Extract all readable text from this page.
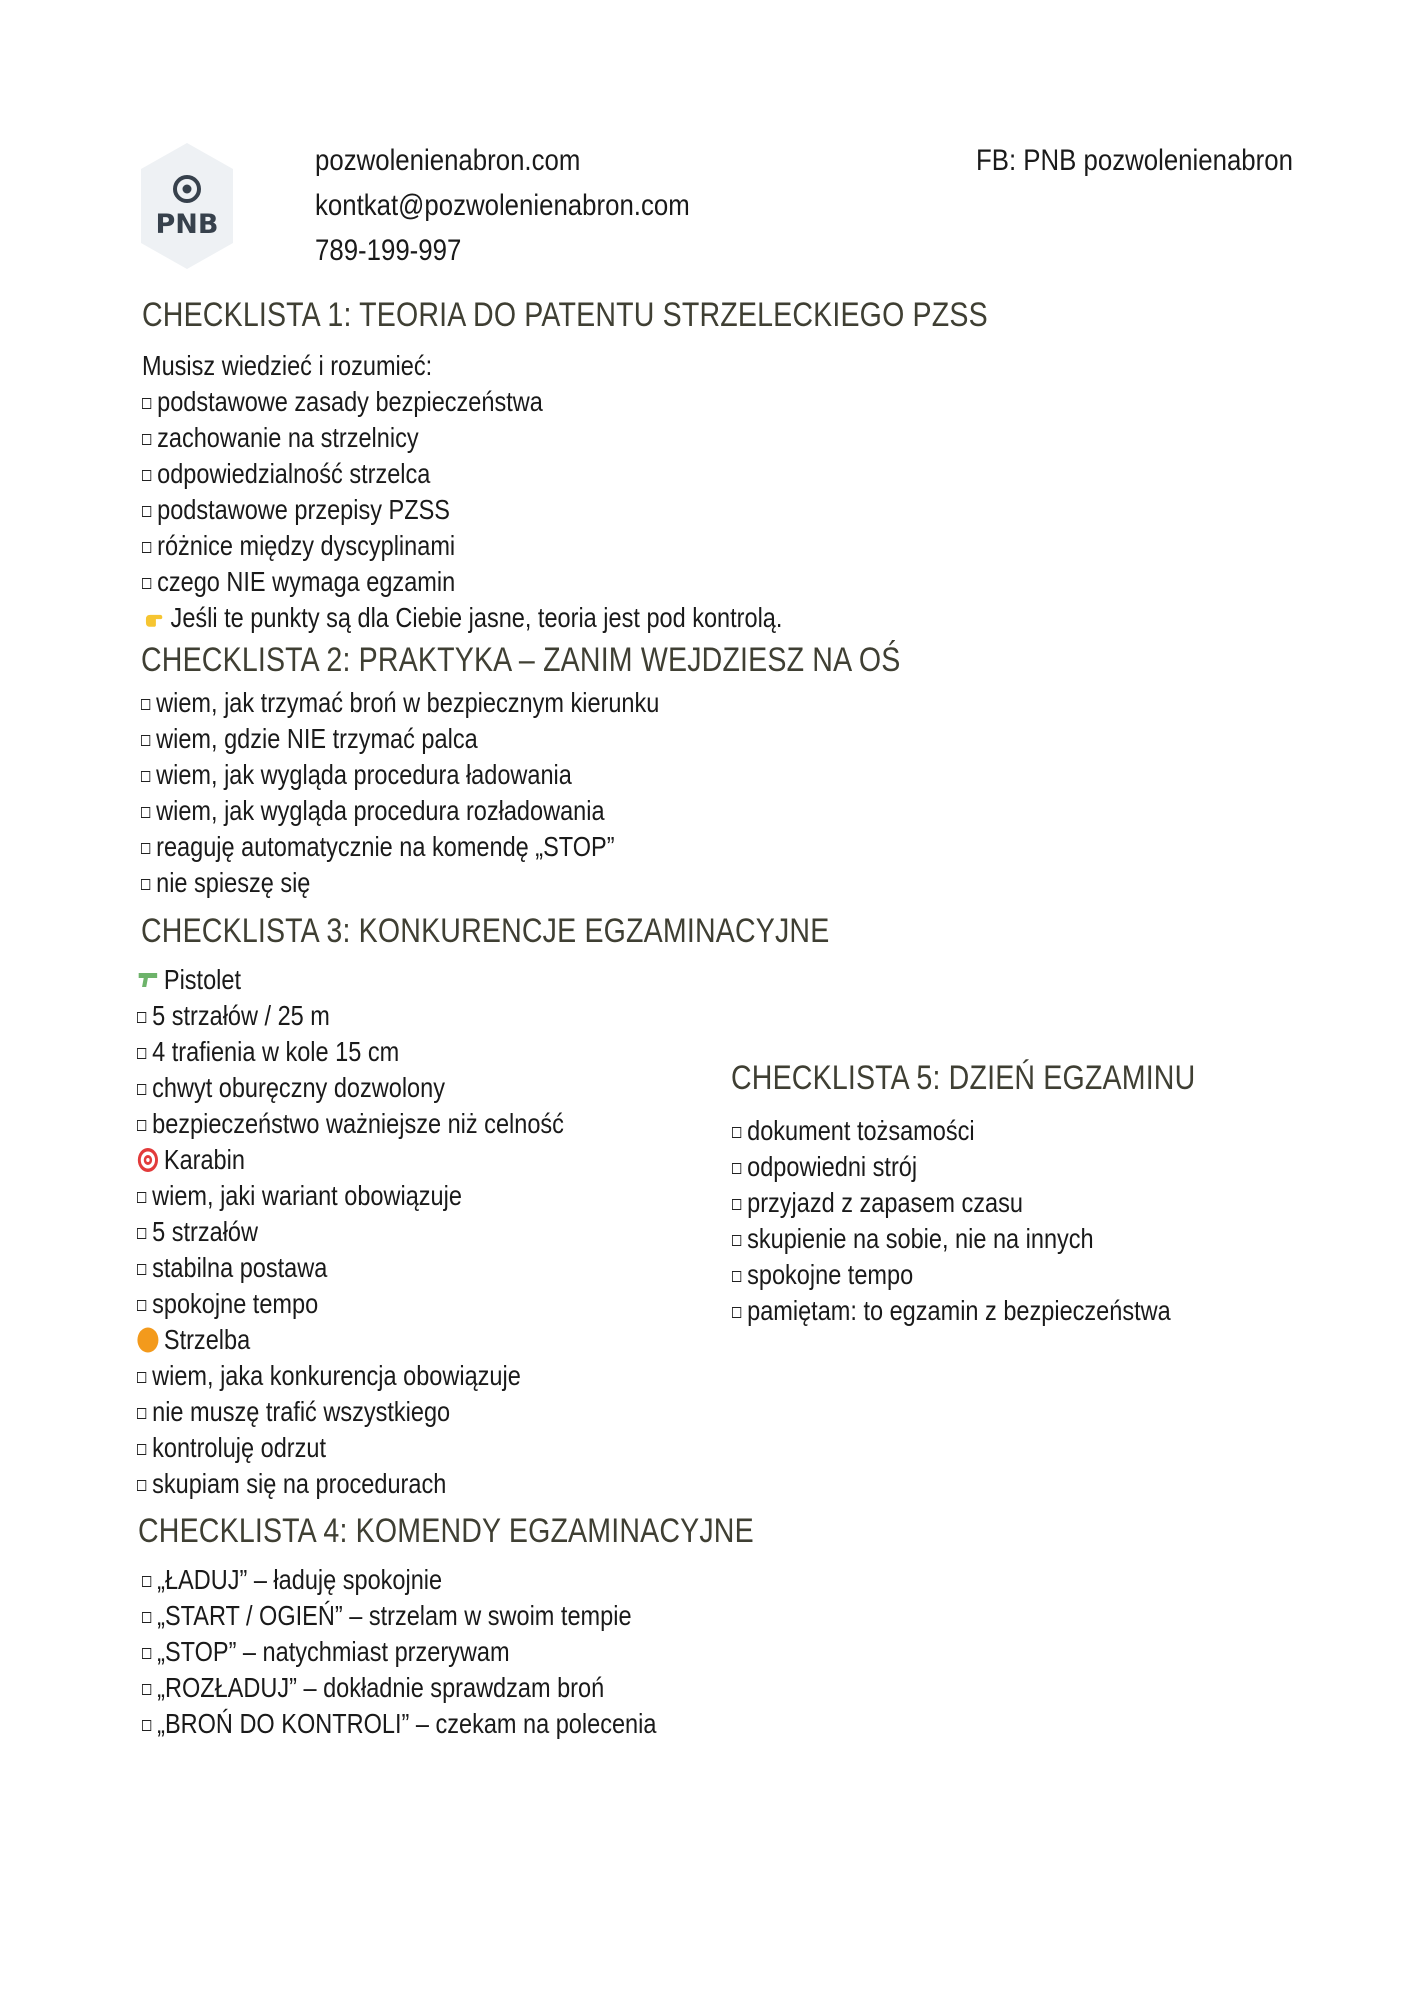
PNB
pozwolenienabron.com
kontkat@pozwolenienabron.com
789-199-997
FB: PNB pozwolenienabron
CHECKLISTA 1: TEORIA DO PATENTU STRZELECKIEGO PZSS
Musisz wiedzieć i rozumieć:
podstawowe zasady bezpieczeństwa
zachowanie na strzelnicy
odpowiedzialność strzelca
podstawowe przepisy PZSS
różnice między dyscyplinami
czego NIE wymaga egzamin
Jeśli te punkty są dla Ciebie jasne, teoria jest pod kontrolą.
CHECKLISTA 2: PRAKTYKA – ZANIM WEJDZIESZ NA OŚ
wiem, jak trzymać broń w bezpiecznym kierunku
wiem, gdzie NIE trzymać palca
wiem, jak wygląda procedura ładowania
wiem, jak wygląda procedura rozładowania
reaguję automatycznie na komendę „STOP”
nie spieszę się
CHECKLISTA 3: KONKURENCJE EGZAMINACYJNE
Pistolet
5 strzałów / 25 m
4 trafienia w kole 15 cm
chwyt oburęczny dozwolony
bezpieczeństwo ważniejsze niż celność
Karabin
wiem, jaki wariant obowiązuje
5 strzałów
stabilna postawa
spokojne tempo
Strzelba
wiem, jaka konkurencja obowiązuje
nie muszę trafić wszystkiego
kontroluję odrzut
skupiam się na procedurach
CHECKLISTA 4: KOMENDY EGZAMINACYJNE
„ŁADUJ” – ładuję spokojnie
„START / OGIEŃ” – strzelam w swoim tempie
„STOP” – natychmiast przerywam
„ROZŁADUJ” – dokładnie sprawdzam broń
„BROŃ DO KONTROLI” – czekam na polecenia
CHECKLISTA 5: DZIEŃ EGZAMINU
dokument tożsamości
odpowiedni strój
przyjazd z zapasem czasu
skupienie na sobie, nie na innych
spokojne tempo
pamiętam: to egzamin z bezpieczeństwa
